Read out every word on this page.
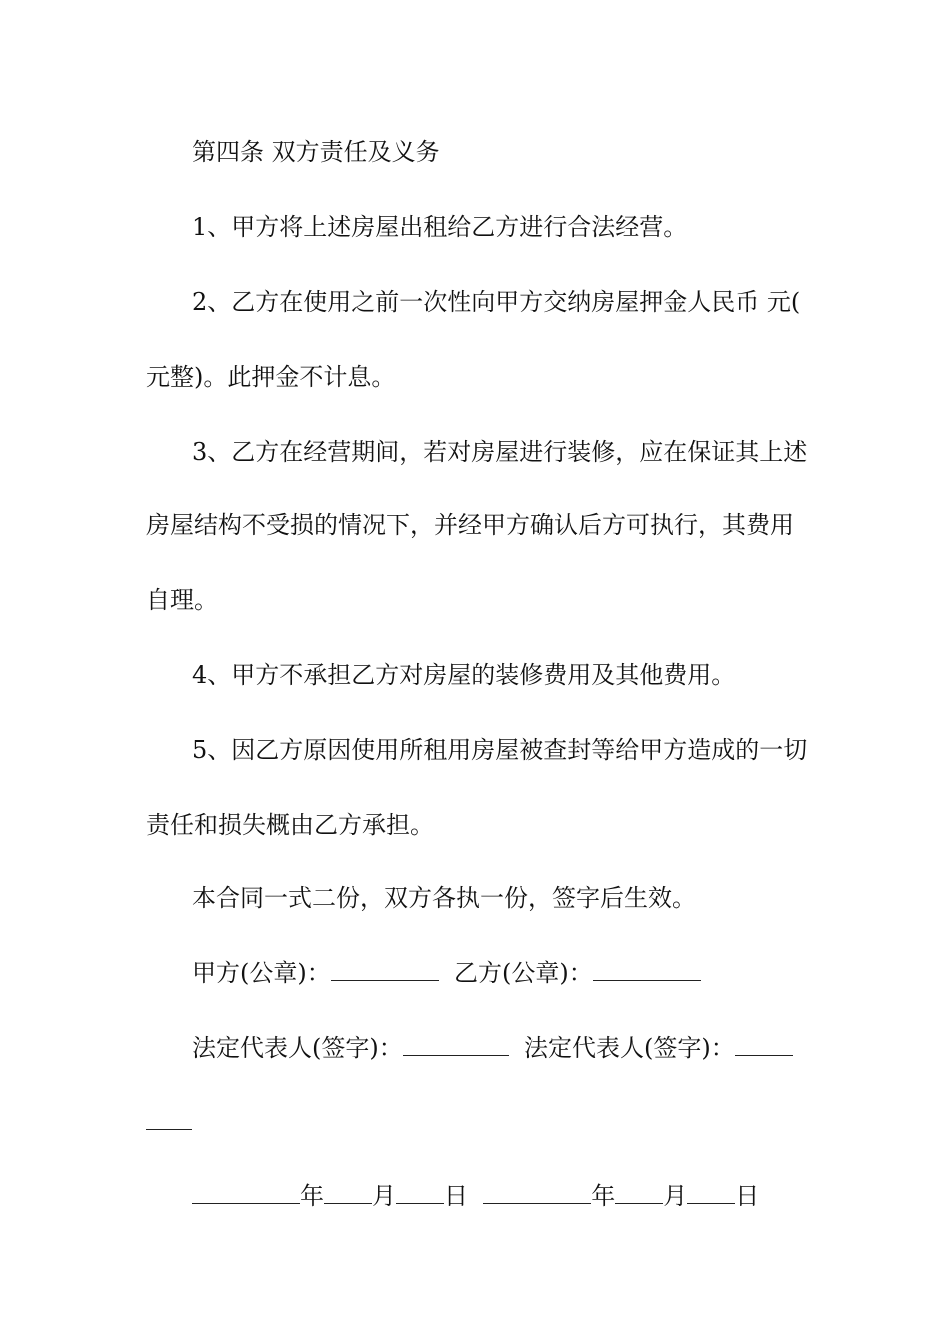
第四条 双方责任及义务
1、甲方将上述房屋出租给乙方进行合法经营。
2、乙方在使用之前一次性向甲方交纳房屋押金人民币 元(
元整)。此押金不计息。
3、乙方在经营期间，若对房屋进行装修，应在保证其上述
房屋结构不受损的情况下，并经甲方确认后方可执行，其费用
自理。
4、甲方不承担乙方对房屋的装修费用及其他费用。
5、因乙方原因使用所租用房屋被查封等给甲方造成的一切
责任和损失概由乙方承担。
本合同一式二份，双方各执一份，签字后生效。
甲方(公章)：	乙方(公章)：
法定代表人(签字)：	法定代表人(签字)：
年 月 日	年 月 日
